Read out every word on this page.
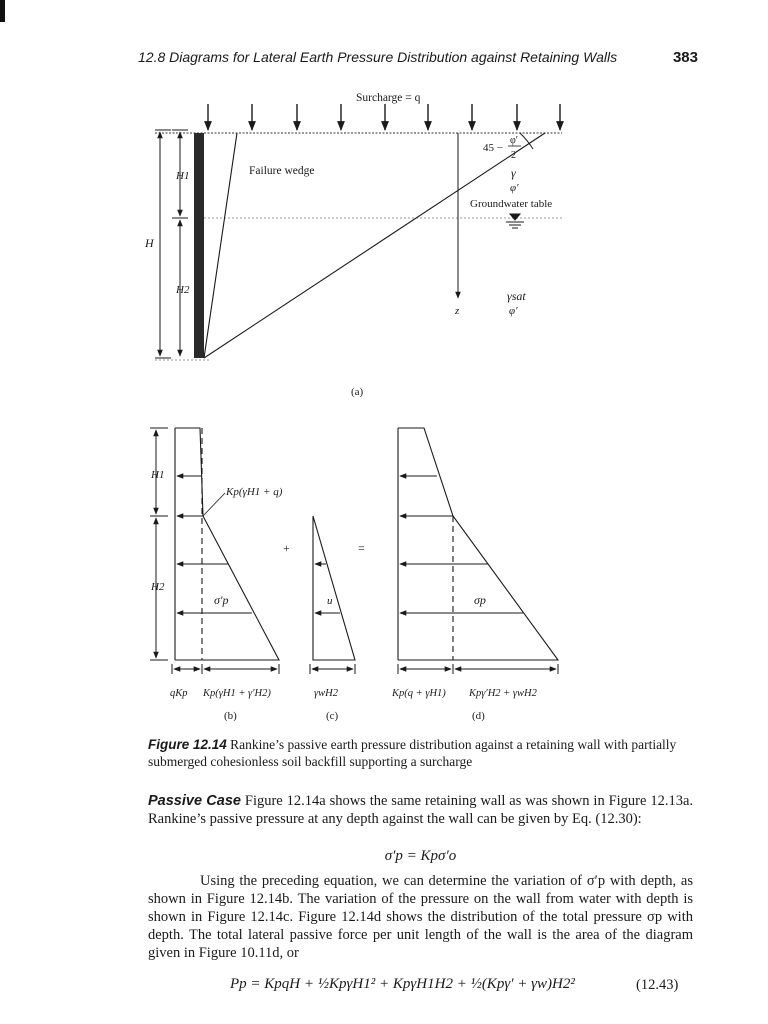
12.8 Diagrams for Lateral Earth Pressure Distribution against Retaining Walls	383
Surcharge = q
Failure wedge
45 −
φ′
2
γ
φ′
Groundwater table
z
γsat
φ′
H
H1
H2
(a)
Kp(γH1 + q)
σ′p
H1
H2
qKp Kp(γH1 + γ′H2)
(b)
+
u
γwH2
(c)
=
σp
Kp(q + γH1) Kpγ′H2 + γwH2
(d)
Figure 12.14 Rankine’s passive earth pressure distribution against a retaining wall with partially submerged cohesionless soil backfill supporting a surcharge
Passive Case Figure 12.14a shows the same retaining wall as was shown in Figure 12.13a. Rankine’s passive pressure at any depth against the wall can be given by Eq. (12.30):
σ′p = Kpσ′o
Using the preceding equation, we can determine the variation of σ′p with depth, as shown in Figure 12.14b. The variation of the pressure on the wall from water with depth is shown in Figure 12.14c. Figure 12.14d shows the distribution of the total pressure σp with depth. The total lateral passive force per unit length of the wall is the area of the diagram given in Figure 10.11d, or
Pp = KpqH + ½KpγH1² + KpγH1H2 + ½(Kpγ′ + γw)H2²	(12.43)
